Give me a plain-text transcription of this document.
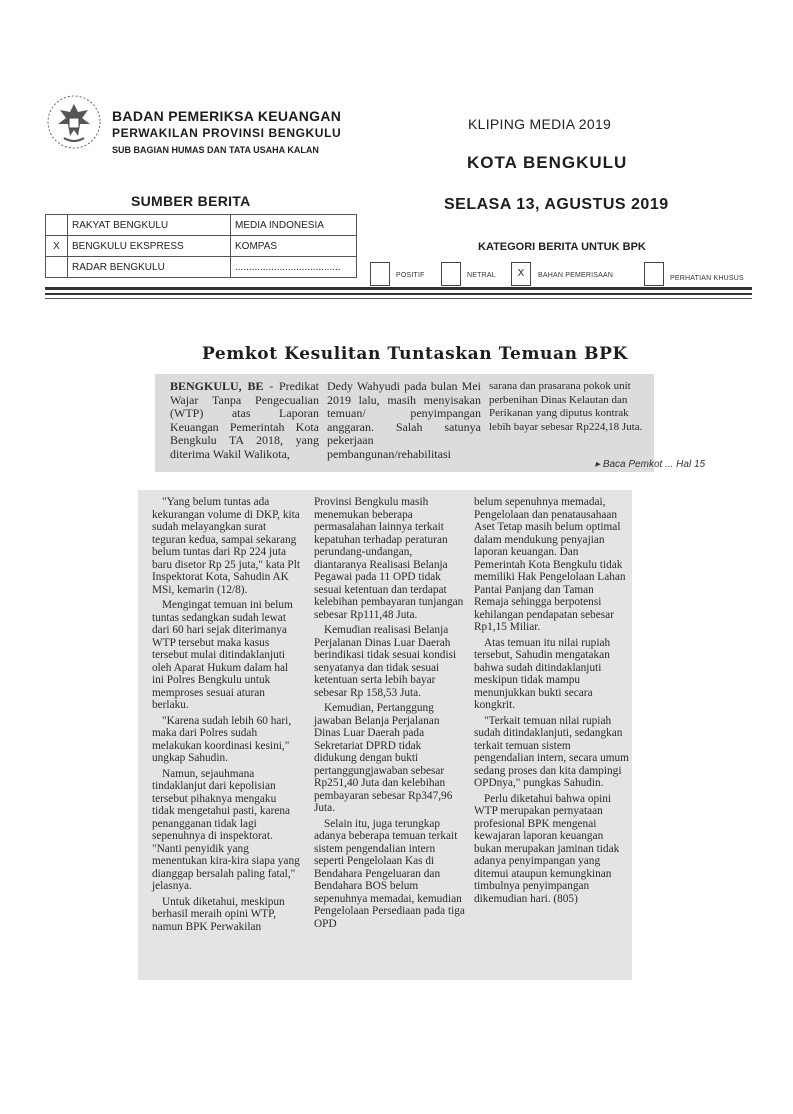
BADAN PEMERIKSA KEUANGAN
PERWAKILAN PROVINSI BENGKULU
SUB BAGIAN HUMAS DAN TATA USAHA KALAN
KLIPING MEDIA 2019
KOTA BENGKULU
SELASA 13, AGUSTUS 2019
SUMBER BERITA
	RAKYAT BENGKULU	MEDIA INDONESIA
X	BENGKULU EKSPRESS	KOMPAS
	RADAR BENGKULU	......................................
KATEGORI BERITA UNTUK BPK
POSITIF	NETRAL	X	BAHAN PEMERISAAN	PERHATIAN KHUSUS
Pemkot Kesulitan Tuntaskan Temuan BPK
BENGKULU, BE - Predikat Wajar Tanpa Pengecualian (WTP) atas Laporan Keuangan Pemerintah Kota Bengkulu TA 2018, yang diterima Wakil Walikota,
Dedy Wahyudi pada bulan Mei 2019 lalu, masih menyisakan temuan/ penyimpangan anggaran. Salah satunya pekerjaan pembangunan/rehabilitasi
sarana dan prasarana pokok unit perbenihan Dinas Kelautan dan Perikanan yang diputus kontrak lebih bayar sebesar Rp224,18 Juta.
▸ Baca Pemkot ... Hal 15

"Yang belum tuntas ada kekurangan volume di DKP, kita sudah melayangkan surat teguran kedua, sampai sekarang belum tuntas dari Rp 224 juta baru disetor Rp 25 juta," kata Plt Inspektorat Kota, Sahudin AK MSi, kemarin (12/8).

Mengingat temuan ini belum tuntas sedangkan sudah lewat dari 60 hari sejak diterimanya WTP tersebut maka kasus tersebut mulai ditindaklanjuti oleh Aparat Hukum dalam hal ini Polres Bengkulu untuk memproses sesuai aturan berlaku.

"Karena sudah lebih 60 hari, maka dari Polres sudah melakukan koordinasi kesini," ungkap Sahudin.

Namun, sejauhmana tindaklanjut dari kepolisian tersebut pihaknya mengaku tidak mengetahui pasti, karena penangganan tidak lagi sepenuhnya di inspektorat. "Nanti penyidik yang menentukan kira-kira siapa yang dianggap bersalah paling fatal," jelasnya.

Untuk diketahui, meskipun berhasil meraih opini WTP, namun BPK Perwakilan

Provinsi Bengkulu masih menemukan beberapa permasalahan lainnya terkait kepatuhan terhadap peraturan perundang-undangan, diantaranya Realisasi Belanja Pegawai pada 11 OPD tidak sesuai ketentuan dan terdapat kelebihan pembayaran tunjangan sebesar Rp111,48 Juta.

Kemudian realisasi Belanja Perjalanan Dinas Luar Daerah berindikasi tidak sesuai kondisi senyatanya dan tidak sesuai ketentuan serta lebih bayar sebesar Rp 158,53 Juta.

Kemudian, Pertanggung jawaban Belanja Perjalanan Dinas Luar Daerah pada Sekretariat DPRD tidak didukung dengan bukti pertanggungjawaban sebesar Rp251,40 Juta dan kelebihan pembayaran sebesar Rp347,96 Juta.

Selain itu, juga terungkap adanya beberapa temuan terkait sistem pengendalian intern seperti Pengelolaan Kas di Bendahara Pengeluaran dan Bendahara BOS belum sepenuhnya memadai, kemudian Pengelolaan Persediaan pada tiga OPD

belum sepenuhnya memadai, Pengelolaan dan penatausahaan Aset Tetap masih belum optimal dalam mendukung penyajian laporan keuangan. Dan Pemerintah Kota Bengkulu tidak memiliki Hak Pengelolaan Lahan Pantai Panjang dan Taman Remaja sehingga berpotensi kehilangan pendapatan sebesar Rp1,15 Miliar.

Atas temuan itu nilai rupiah tersebut, Sahudin mengatakan bahwa sudah ditindaklanjuti meskipun tidak mampu menunjukkan bukti secara kongkrit.

"Terkait temuan nilai rupiah sudah ditindaklanjuti, sedangkan terkait temuan sistem pengendalian intern, secara umum sedang proses dan kita dampingi OPDnya," pungkas Sahudin.

Perlu diketahui bahwa opini WTP merupakan pernyataan profesional BPK mengenai kewajaran laporan keuangan bukan merupakan jaminan tidak adanya penyimpangan yang ditemui ataupun kemungkinan timbulnya penyimpangan dikemudian hari. (805)
